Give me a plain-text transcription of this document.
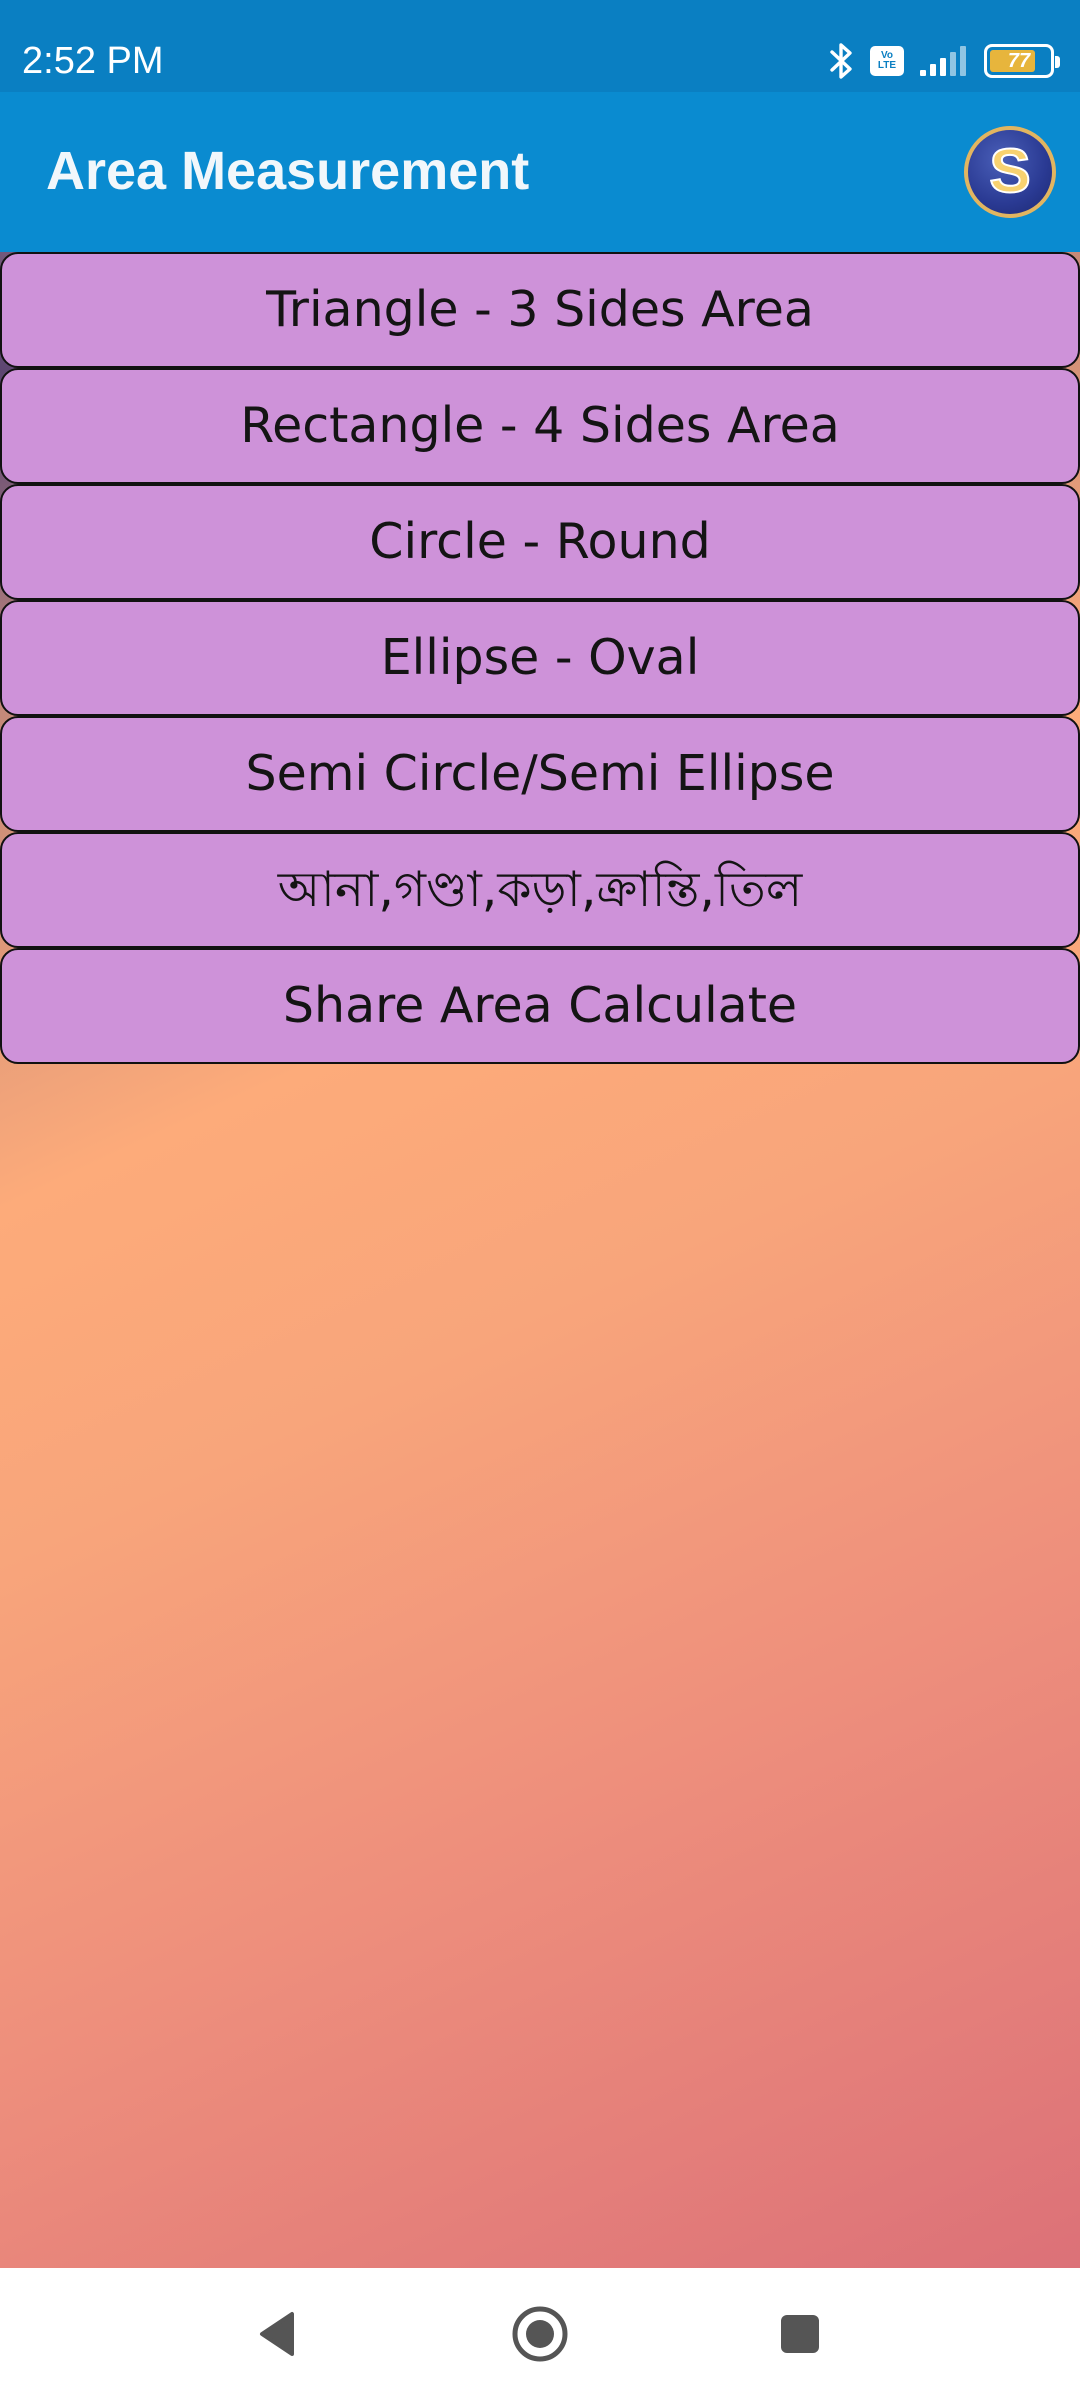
2:52 PM	Vo
LTE	77
Area Measurement	S
Triangle - 3 Sides Area
Rectangle - 4 Sides Area
Circle - Round
Ellipse - Oval
Semi Circle/Semi Ellipse
আনা,গণ্ডা,কড়া,ক্রান্তি,তিল
Share Area Calculate
